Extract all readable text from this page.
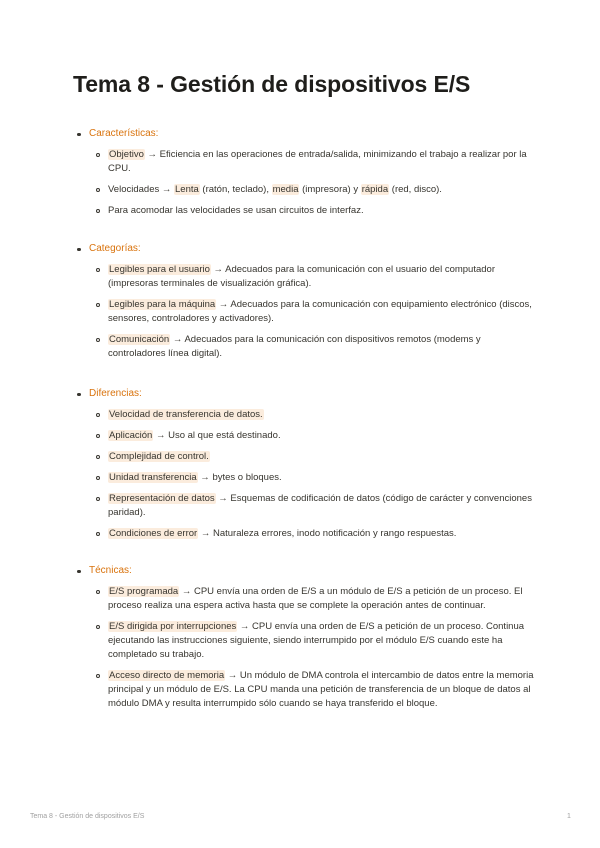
Tema 8 - Gestión de dispositivos E/S
Características:
Objetivo → Eficiencia en las operaciones de entrada/salida, minimizando el trabajo a realizar por la CPU.
Velocidades → Lenta (ratón, teclado), media (impresora) y rápida (red, disco).
Para acomodar las velocidades se usan circuitos de interfaz.
Categorías:
Legibles para el usuario → Adecuados para la comunicación con el usuario del computador (impresoras terminales de visualización gráfica).
Legibles para la máquina → Adecuados para la comunicación con equipamiento electrónico (discos, sensores, controladores y activadores).
Comunicación → Adecuados para la comunicación con dispositivos remotos (modems y controladores línea digital).
Diferencias:
Velocidad de transferencia de datos.
Aplicación → Uso al que está destinado.
Complejidad de control.
Unidad transferencia → bytes o bloques.
Representación de datos → Esquemas de codificación de datos (código de carácter y convenciones paridad).
Condiciones de error → Naturaleza errores, inodo notificación y rango respuestas.
Técnicas:
E/S programada → CPU envía una orden de E/S a un módulo de E/S a petición de un proceso. El proceso realiza una espera activa hasta que se complete la operación antes de continuar.
E/S dirigida por interrupciones → CPU envía una orden de E/S a petición de un proceso. Continua ejecutando las instrucciones siguiente, siendo interrumpido por el módulo E/S cuando este ha completado su trabajo.
Acceso directo de memoria → Un módulo de DMA controla el intercambio de datos entre la memoria principal y un módulo de E/S. La CPU manda una petición de transferencia de un bloque de datos al módulo DMA y resulta interrumpido sólo cuando se haya transferido el bloque.
Tema 8 - Gestión de dispositivos E/S	1
